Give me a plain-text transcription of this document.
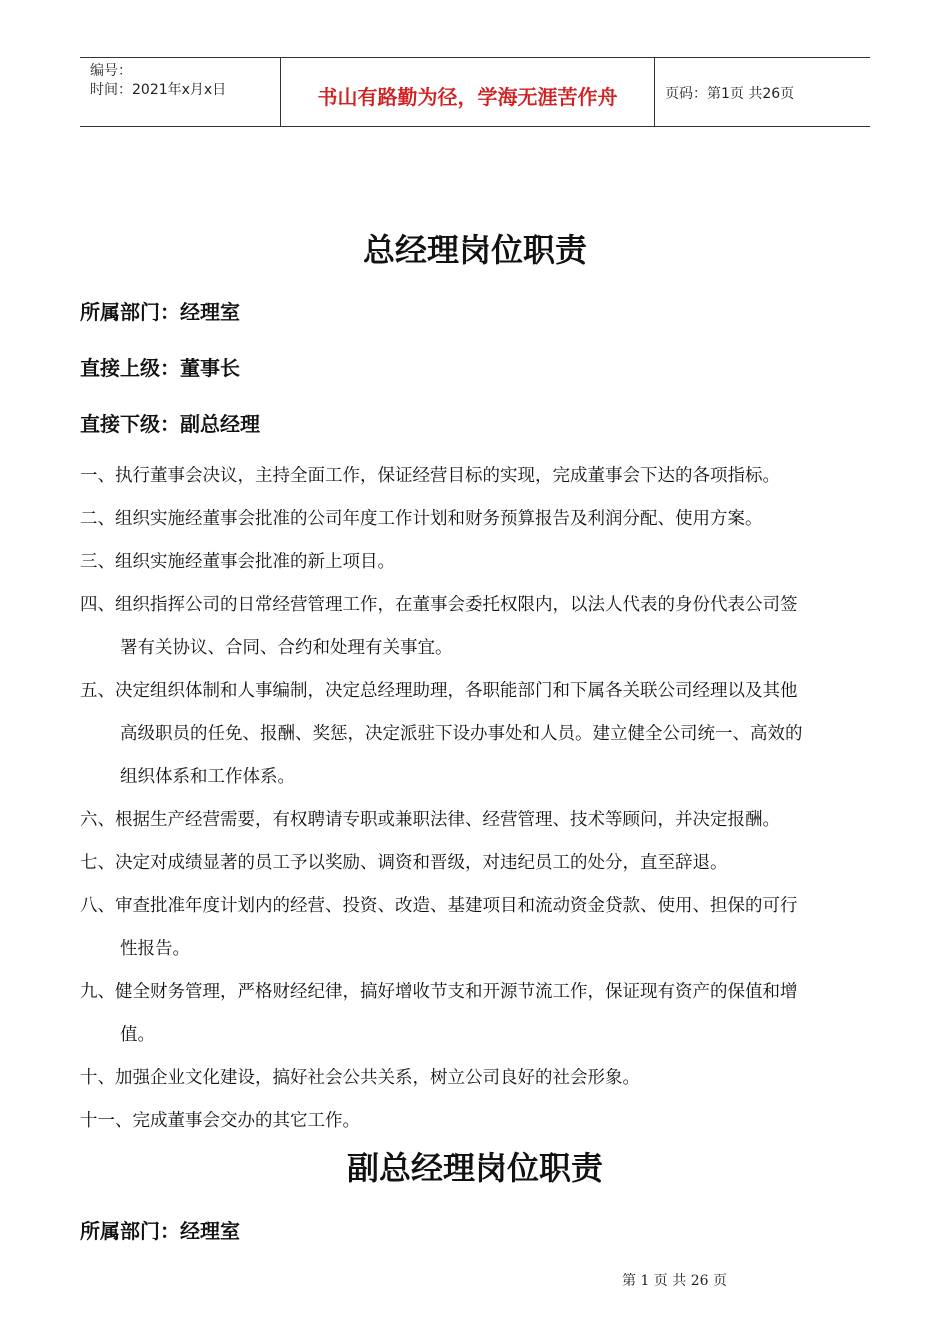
编号：
时间：2021年x月x日	书山有路勤为径，学海无涯苦作舟	页码：第1页 共26页
总经理岗位职责
所属部门：经理室
直接上级：董事长
直接下级：副总经理
一、执行董事会决议，主持全面工作，保证经营目标的实现，完成董事会下达的各项指标。
二、组织实施经董事会批准的公司年度工作计划和财务预算报告及利润分配、使用方案。
三、组织实施经董事会批准的新上项目。
四、组织指挥公司的日常经营管理工作，在董事会委托权限内，以法人代表的身份代表公司签
署有关协议、合同、合约和处理有关事宜。
五、决定组织体制和人事编制，决定总经理助理，各职能部门和下属各关联公司经理以及其他
高级职员的任免、报酬、奖惩，决定派驻下设办事处和人员。建立健全公司统一、高效的
组织体系和工作体系。
六、根据生产经营需要，有权聘请专职或兼职法律、经营管理、技术等顾问，并决定报酬。
七、决定对成绩显著的员工予以奖励、调资和晋级，对违纪员工的处分，直至辞退。
八、审查批准年度计划内的经营、投资、改造、基建项目和流动资金贷款、使用、担保的可行
性报告。
九、健全财务管理，严格财经纪律，搞好增收节支和开源节流工作，保证现有资产的保值和增
值。
十、加强企业文化建设，搞好社会公共关系，树立公司良好的社会形象。
十一、完成董事会交办的其它工作。
副总经理岗位职责
所属部门：经理室
第 1 页 共 26 页
